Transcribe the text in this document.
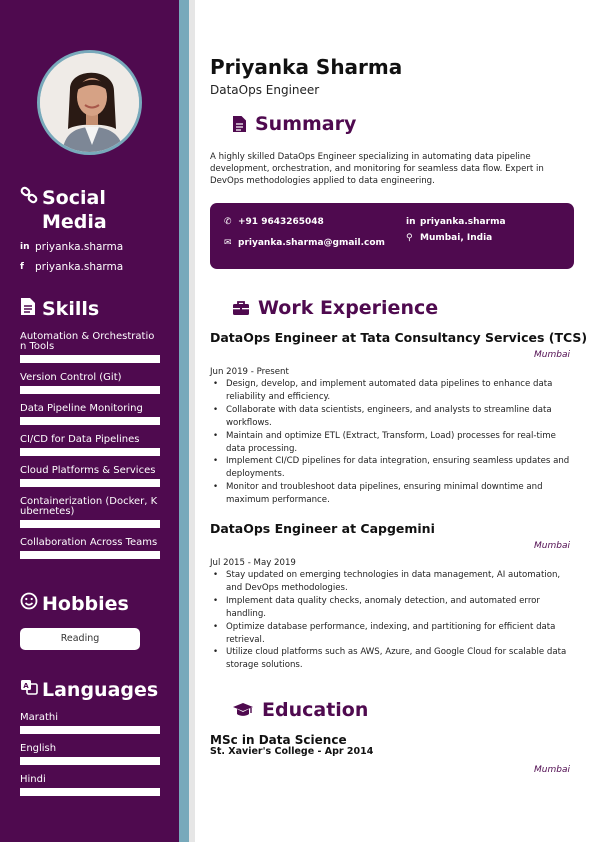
Social
Media
in priyanka.sharma
f	priyanka.sharma
Skills
Automation & Orchestration Tools
Version Control (Git)
Data Pipeline Monitoring
CI/CD for Data Pipelines
Cloud Platforms & Services
Containerization (Docker, Kubernetes)
Collaboration Across Teams
Hobbies
Reading
A Languages
Marathi
English
Hindi
Priyanka Sharma
DataOps Engineer
Summary
A highly skilled DataOps Engineer specializing in automating data pipeline development, orchestration, and monitoring for seamless data flow. Expert in DevOps methodologies applied to data engineering.
✆ +91 9643265048
✉ priyanka.sharma@gmail.com
in priyanka.sharma
⚲ Mumbai, India
Work Experience
DataOps Engineer at Tata Consultancy Services (TCS)
Mumbai
Jun 2019 - Present
• Design, develop, and implement automated data pipelines to enhance data reliability and efficiency.
• Collaborate with data scientists, engineers, and analysts to streamline data workflows.
• Maintain and optimize ETL (Extract, Transform, Load) processes for real-time data processing.
• Implement CI/CD pipelines for data integration, ensuring seamless updates and deployments.
• Monitor and troubleshoot data pipelines, ensuring minimal downtime and maximum performance.
DataOps Engineer at Capgemini
Mumbai
Jul 2015 - May 2019
• Stay updated on emerging technologies in data management, AI automation, and DevOps methodologies.
• Implement data quality checks, anomaly detection, and automated error handling.
• Optimize database performance, indexing, and partitioning for efficient data retrieval.
• Utilize cloud platforms such as AWS, Azure, and Google Cloud for scalable data storage solutions.
Education
MSc in Data Science
St. Xavier's College - Apr 2014
Mumbai
